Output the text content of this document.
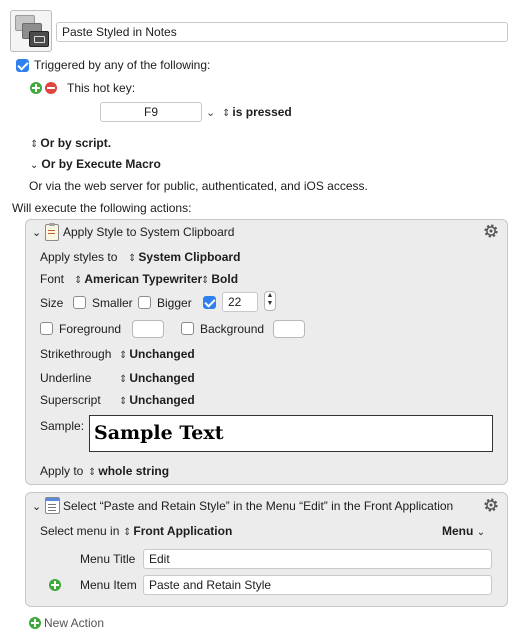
Paste Styled in Notes
Triggered by any of the following:
This hot key:
F9	⌄ ⇕ is pressed
⇕ Or by script.
⌄ Or by Execute Macro
Or via the web server for public, authenticated, and iOS access.
Will execute the following actions:
⌄ Apply Style to System Clipboard
Apply styles to ⇕ System Clipboard
Font ⇕ American Typewriter ⇕ Bold
Size Smaller Bigger	22	▲
▼
Foreground	Background
Strikethrough ⇕ Unchanged
Underline	⇕ Unchanged
Superscript ⇕ Unchanged
Sample: Sample Text
Apply to ⇕ whole string
⌄ Select “Paste and Retain Style” in the Menu “Edit” in the Front Application
Select menu in ⇕ Front Application	Menu ⌄
Menu Title	Edit
Menu Item	Paste and Retain Style
New Action
